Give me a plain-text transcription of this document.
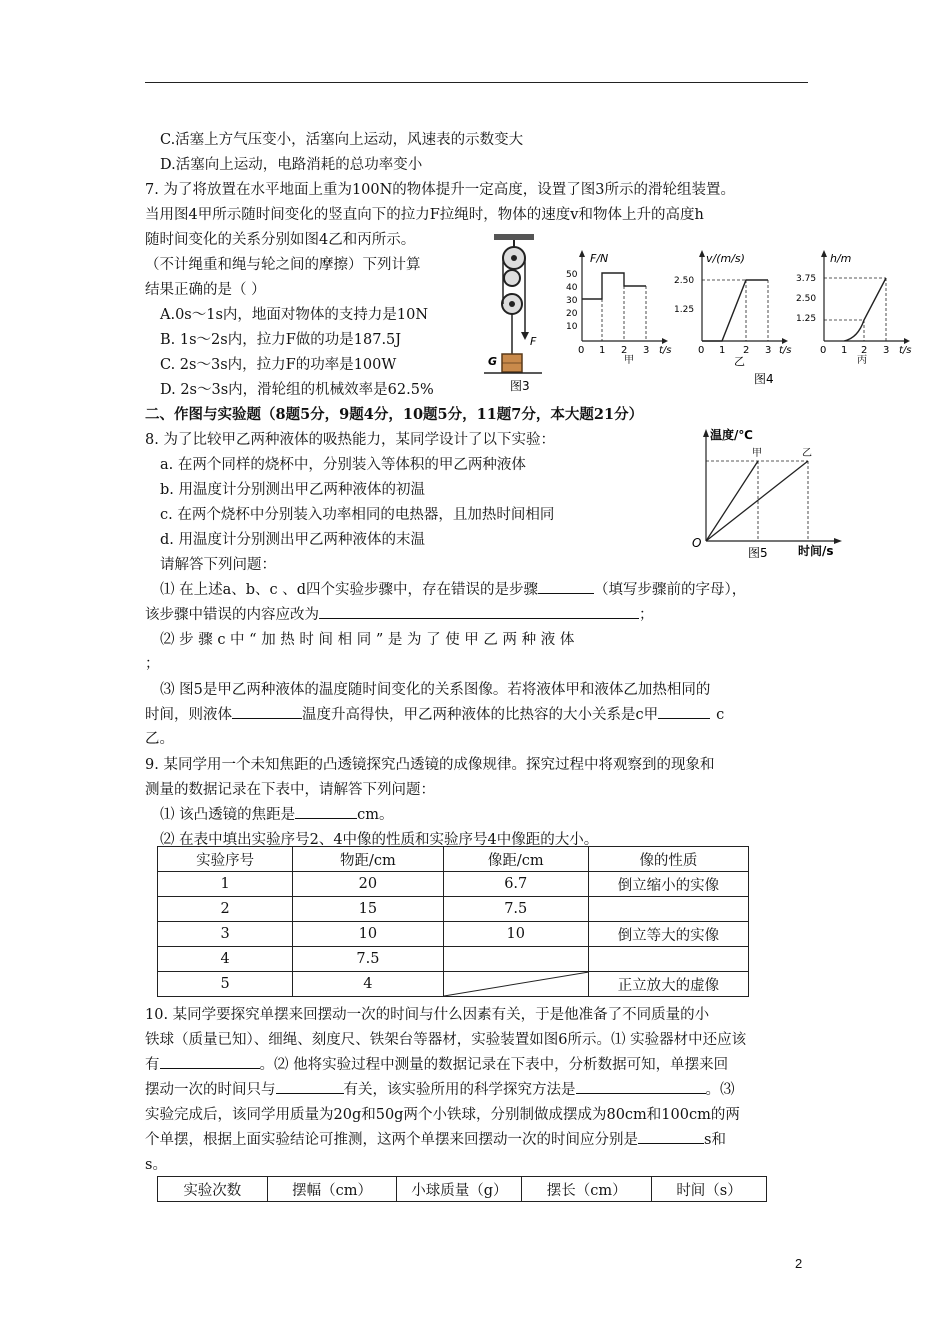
C.活塞上方气压变小，活塞向上运动，风速表的示数变大
D.活塞向上运动，电路消耗的总功率变小
7. 为了将放置在水平地面上重为100N的物体提升一定高度，设置了图3所示的滑轮组装置。
当用图4甲所示随时间变化的竖直向下的拉力F拉绳时，物体的速度v和物体上升的高度h
随时间变化的关系分别如图4乙和丙所示。
（不计绳重和绳与轮之间的摩擦）下列计算
结果正确的是（ ）
A.0s～1s内，地面对物体的支持力是10N
B. 1s～2s内，拉力F做的功是187.5J
C. 2s～3s内，拉力F的功率是100W
D. 2s～3s内，滑轮组的机械效率是62.5%
F
G
图3
F/N
50
40
30
20
10
0 1 2 3 t/s
甲
v/(m/s)
2.50
1.25
0 1 2 3 t/s
乙
h/m
3.75
2.50
1.25
0 1 2 3 t/s
丙
图4
二、作图与实验题（8题5分，9题4分，10题5分，11题7分，本大题21分）
8. 为了比较甲乙两种液体的吸热能力，某同学设计了以下实验：
a. 在两个同样的烧杯中，分别装入等体积的甲乙两种液体
b. 用温度计分别测出甲乙两种液体的初温
c. 在两个烧杯中分别装入功率相同的电热器，且加热时间相同
d. 用温度计分别测出甲乙两种液体的末温
请解答下列问题：
⑴ 在上述a、b、c 、d四个实验步骤中，存在错误的是步骤	（填写步骤前的字母），
该步骤中错误的内容应改为	；
⑵ 步 骤 c 中 “ 加 热 时 间 相 同 ” 是 为 了 使 甲 乙 两 种 液 体
；
⑶ 图5是甲乙两种液体的温度随时间变化的关系图像。若将液体甲和液体乙加热相同的
时间，则液体	温度升高得快，甲乙两种液体的比热容的大小关系是c甲	c
乙。
温度/℃
O
甲	乙
图5	时间/s
9. 某同学用一个未知焦距的凸透镜探究凸透镜的成像规律。探究过程中将观察到的现象和
测量的数据记录在下表中，请解答下列问题：
⑴ 该凸透镜的焦距是	cm。
⑵ 在表中填出实验序号2、4中像的性质和实验序号4中像距的大小。
实验序号	物距/cm	像距/cm	像的性质
1	20	6.7	倒立缩小的实像
2	15	7.5	
3	10	10	倒立等大的实像
4	7.5		
5	4		正立放大的虚像
10. 某同学要探究单摆来回摆动一次的时间与什么因素有关，于是他准备了不同质量的小
铁球（质量已知）、细绳、刻度尺、铁架台等器材，实验装置如图6所示。⑴ 实验器材中还应该
有	。⑵ 他将实验过程中测量的数据记录在下表中，分析数据可知，单摆来回
摆动一次的时间只与	有关，该实验所用的科学探究方法是	。⑶
实验完成后，该同学用质量为20g和50g两个小铁球，分别制做成摆成为80cm和100cm的两
个单摆，根据上面实验结论可推测，这两个单摆来回摆动一次的时间应分别是	s和
s。
实验次数	摆幅（cm）	小球质量（g）	摆长（cm）	时间（s）
2
